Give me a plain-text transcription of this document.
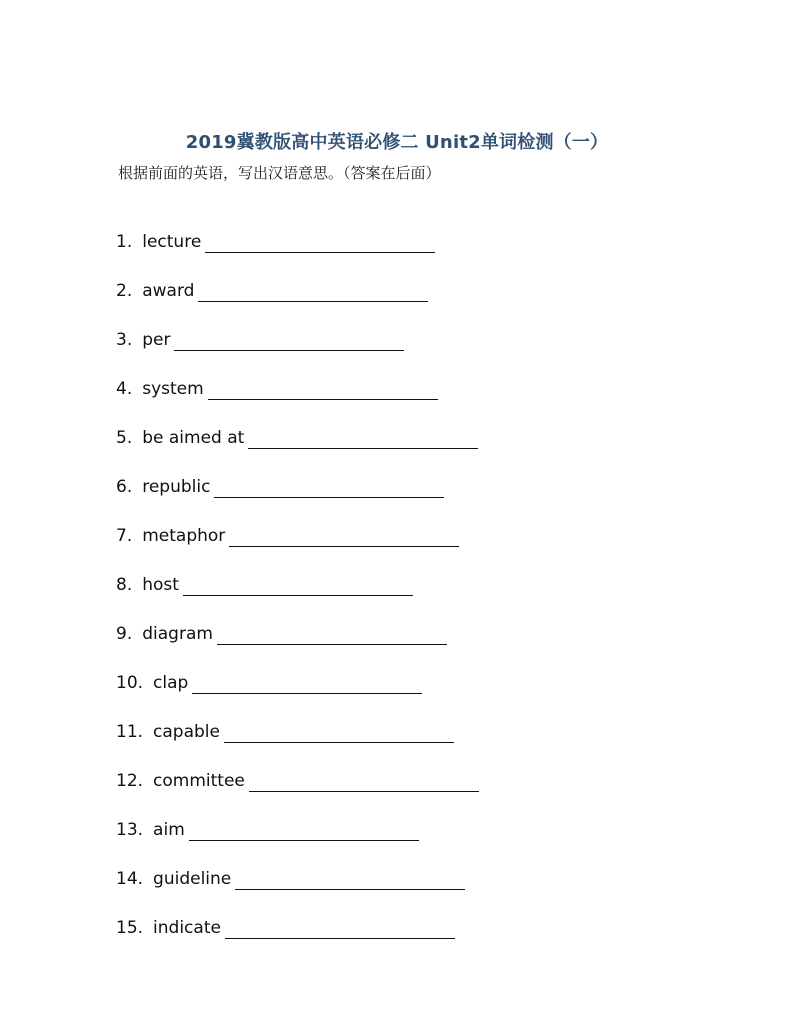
2019冀教版高中英语必修二 Unit2单词检测（一）
根据前面的英语，写出汉语意思。（答案在后面）
1. lecture
2. award
3. per
4. system
5. be aimed at
6. republic
7. metaphor
8. host
9. diagram
10. clap
11. capable
12. committee
13. aim
14. guideline
15. indicate
